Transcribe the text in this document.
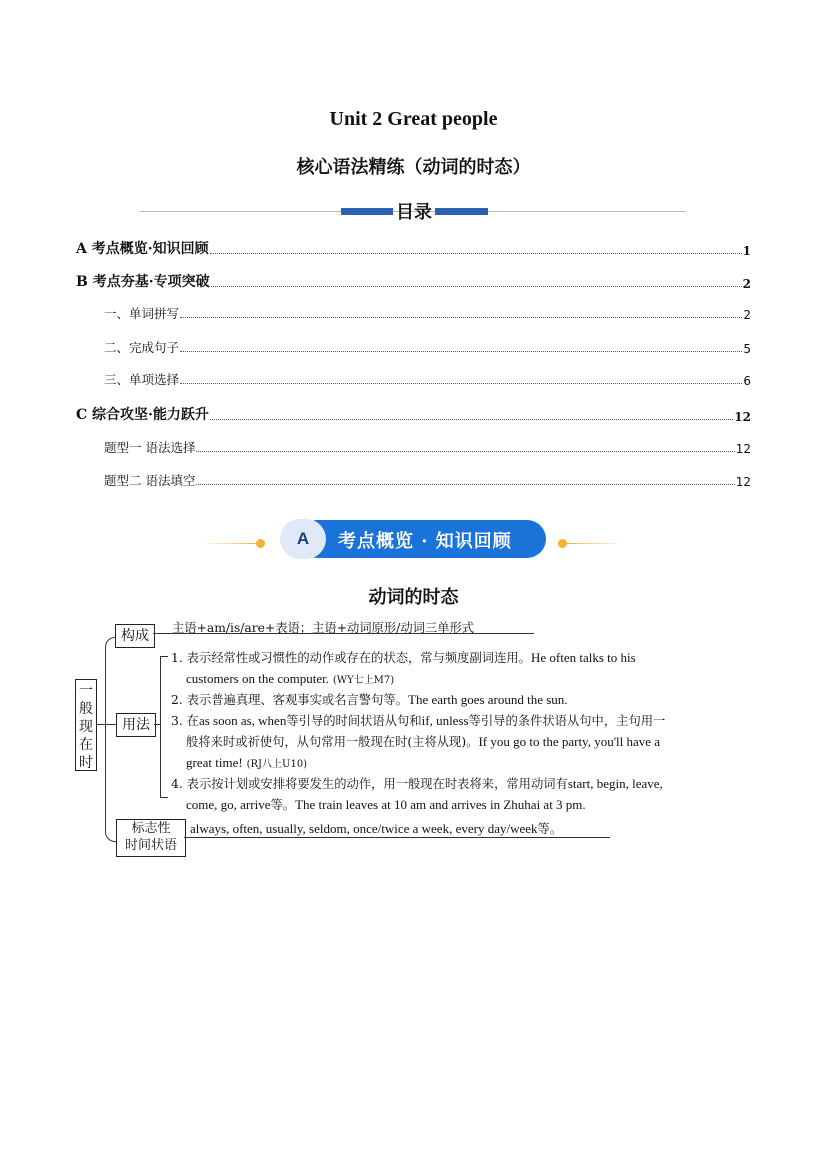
Unit 2 Great people
核心语法精练（动词的时态）
目录
A 考点概览·知识回顾	1
B 考点夯基·专项突破	2
一、单词拼写	2
二、完成句子	5
三、单项选择	6
C 综合攻坚·能力跃升	12
题型一 语法选择	12
题型二 语法填空	12
A	考点概览 · 知识回顾
动词的时态
一般现在时
构成	主语+am/is/are+表语；主语+动词原形/动词三单形式
用法
1. 表示经常性或习惯性的动作或存在的状态，常与频度副词连用。He often talks to his
customers on the computer. (WY七上M7)
2. 表示普遍真理、客观事实或名言警句等。The earth goes around the sun.
3. 在as soon as, when等引导的时间状语从句和if, unless等引导的条件状语从句中，主句用一
般将来时或祈使句，从句常用一般现在时(主将从现)。If you go to the party, you'll have a
great time! (RJ八上U10)
4. 表示按计划或安排将要发生的动作，用一般现在时表将来，常用动词有start, begin, leave,
come, go, arrive等。The train leaves at 10 am and arrives in Zhuhai at 3 pm.
标志性
时间状语
always, often, usually, seldom, once/twice a week, every day/week等。
